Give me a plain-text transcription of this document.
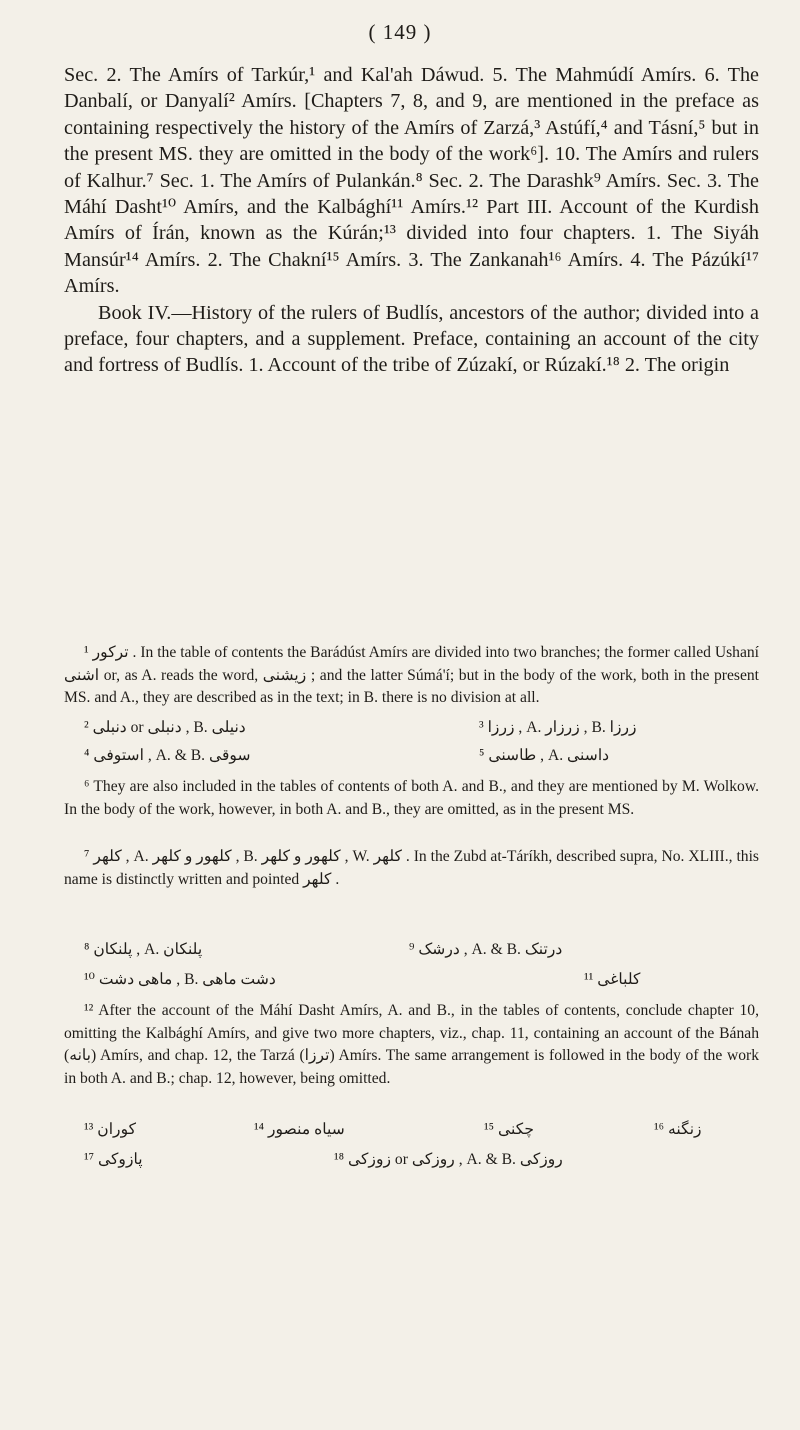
( 149 )

Sec. 2. The Amírs of Tarkúr,¹ and Kal'ah Dáwud. 5. The Mahmúdí Amírs. 6. The Danbalí, or Danyalí² Amírs. [Chapters 7, 8, and 9, are mentioned in the preface as containing respectively the history of the Amírs of Zarzá,³ Astúfí,⁴ and Tásní,⁵ but in the present MS. they are omitted in the body of the work⁶]. 10. The Amírs and rulers of Kalhur.⁷ Sec. 1. The Amírs of Pulankán.⁸ Sec. 2. The Darashk⁹ Amírs. Sec. 3. The Máhí Dasht¹⁰ Amírs, and the Kalbághí¹¹ Amírs.¹² Part III. Account of the Kurdish Amírs of Írán, known as the Kúrán;¹³ divided into four chapters. 1. The Siyáh Mansúr¹⁴ Amírs. 2. The Chakní¹⁵ Amírs. 3. The Zankanah¹⁶ Amírs. 4. The Pázúkí¹⁷ Amírs.

Book IV.—History of the rulers of Budlís, ancestors of the author; divided into a preface, four chapters, and a supplement. Preface, containing an account of the city and fortress of Budlís. 1. Account of the tribe of Zúzakí, or Rúzakí.¹⁸ 2. The origin

¹ ترکور . In the table of contents the Barádúst Amírs are divided into two branches; the former called Ushaní اشنی or, as A. reads the word, زیشنی ; and the latter Súmá'í; but in the body of the work, both in the present MS. and A., they are described as in the text; in B. there is no division at all.

² دنبلی or دنبلی , B. دنیلی	³ زرزا , A. زرزار , B. زرزا
⁴ استوفی , A. & B. سوقی	⁵ طاسنی , A. داسنی

⁶ They are also included in the tables of contents of both A. and B., and they are mentioned by M. Wolkow. In the body of the work, however, in both A. and B., they are omitted, as in the present MS.

⁷ کلهر , A. کلهور و کلهر , B. کلهور و کلهر , W. کلهر . In the Zubd at-Táríkh, described supra, No. XLIII., this name is distinctly written and pointed کلهر .

⁸ پلنکان , A. پلنکان	⁹ درشک , A. & B. درتنک
¹⁰ ماهی دشت , B. دشت ماهی	¹¹ کلباغی

¹² After the account of the Máhí Dasht Amírs, A. and B., in the tables of contents, conclude chapter 10, omitting the Kalbághí Amírs, and give two more chapters, viz., chap. 11, containing an account of the Bánah (بانه) Amírs, and chap. 12, the Tarzá (ترزا) Amírs. The same arrangement is followed in the body of the work in both A. and B.; chap. 12, however, being omitted.

¹³ کوران	¹⁴ سیاه منصور	¹⁵ چکنی	¹⁶ زنگنه
¹⁷ پازوکی	¹⁸ زوزکی or روزکی , A. & B. روزکی
